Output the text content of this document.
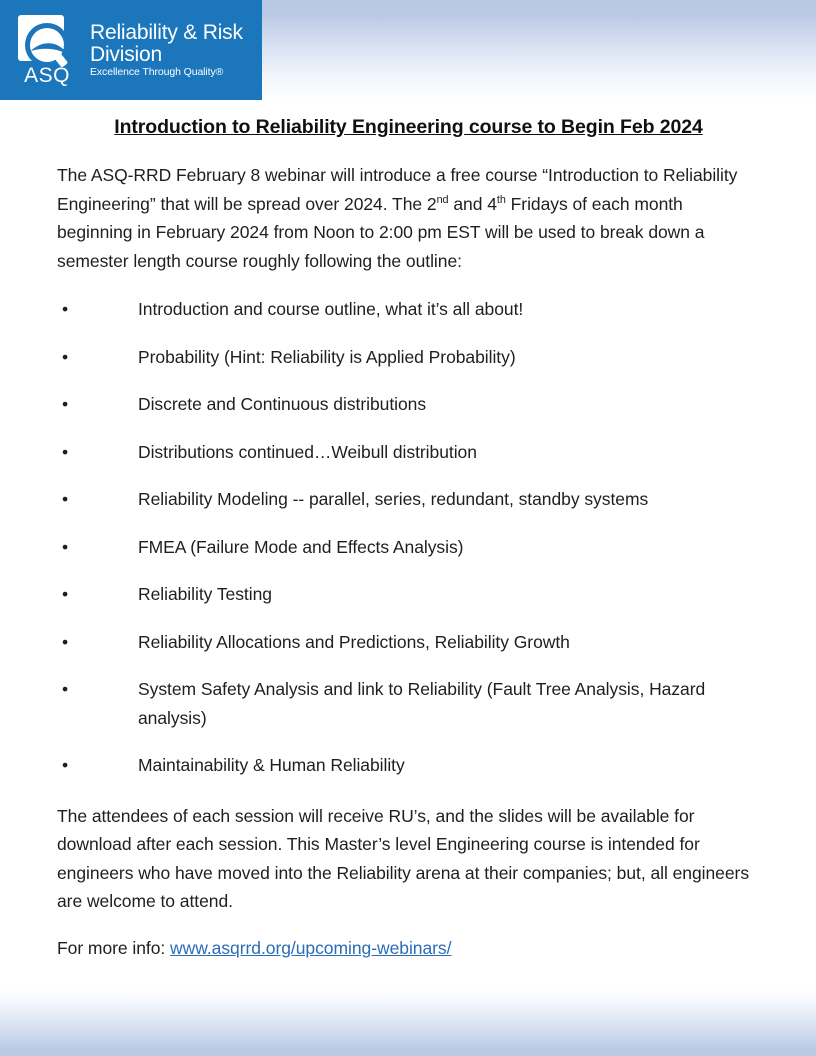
ASQ
Reliability & Risk
Division
Excellence Through Quality®
Introduction to Reliability Engineering course to Begin Feb 2024

The ASQ-RRD February 8 webinar will introduce a free course “Introduction to Reliability Engineering” that will be spread over 2024. The 2nd and 4th Fridays of each month beginning in February 2024 from Noon to 2:00 pm EST will be used to break down a semester length course roughly following the outline:

•	Introduction and course outline, what it’s all about!
•	Probability (Hint: Reliability is Applied Probability)
•	Discrete and Continuous distributions
•	Distributions continued…Weibull distribution
•	Reliability Modeling -- parallel, series, redundant, standby systems
•	FMEA (Failure Mode and Effects Analysis)
•	Reliability Testing
•	Reliability Allocations and Predictions, Reliability Growth
•	System Safety Analysis and link to Reliability (Fault Tree Analysis, Hazard analysis)
•	Maintainability & Human Reliability

The attendees of each session will receive RU’s, and the slides will be available for download after each session. This Master’s level Engineering course is intended for engineers who have moved into the Reliability arena at their companies; but, all engineers are welcome to attend.

For more info: www.asqrrd.org/upcoming-webinars/
